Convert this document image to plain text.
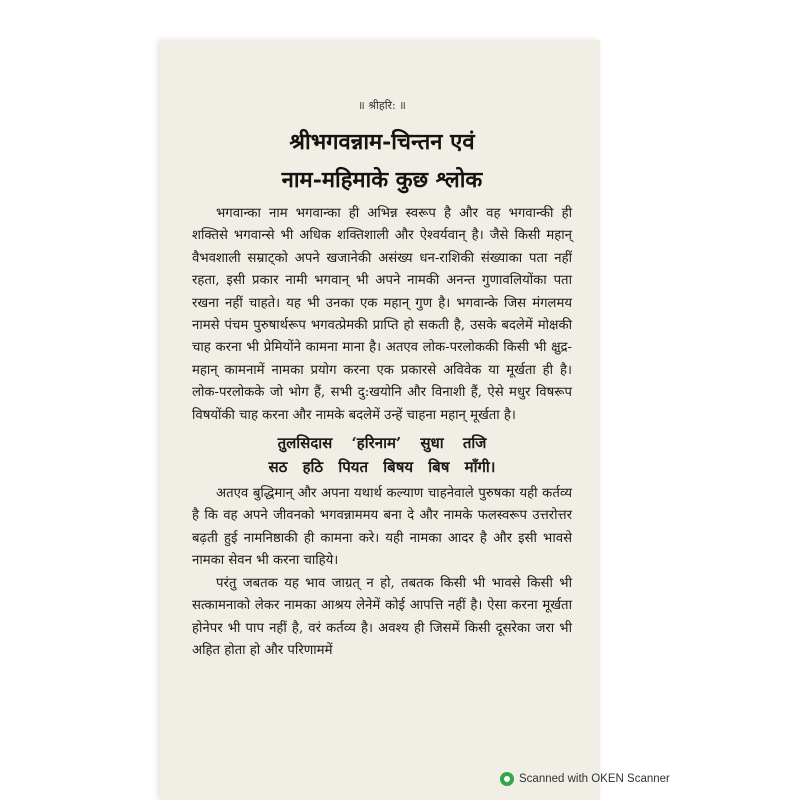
॥ श्रीहरि: ॥
श्रीभगवन्नाम-चिन्तन एवं
नाम-महिमाके कुछ श्लोक

भगवान्का नाम भगवान्का ही अभिन्न स्वरूप है और वह भगवान्की ही शक्तिसे भगवान्से भी अधिक शक्तिशाली और ऐश्वर्यवान् है। जैसे किसी महान् वैभवशाली सम्राट्को अपने खजानेकी असंख्य धन-राशिकी संख्याका पता नहीं रहता, इसी प्रकार नामी भगवान् भी अपने नामकी अनन्त गुणावलियोंका पता रखना नहीं चाहते। यह भी उनका एक महान् गुण है। भगवान्के जिस मंगलमय नामसे पंचम पुरुषार्थरूप भगवत्प्रेमकी प्राप्ति हो सकती है, उसके बदलेमें मोक्षकी चाह करना भी प्रेमियोंने कामना माना है। अतएव लोक-परलोककी किसी भी क्षुद्र-महान् कामनामें नामका प्रयोग करना एक प्रकारसे अविवेक या मूर्खता ही है। लोक-परलोकके जो भोग हैं, सभी दु:खयोनि और विनाशी हैं, ऐसे मधुर विषरूप विषयोंकी चाह करना और नामके बदलेमें उन्हें चाहना महान् मूर्खता है।

तुलसिदास ‘हरिनाम’ सुधा तजि
सठ हठि पियत बिषय बिष माँगी।

अतएव बुद्धिमान् और अपना यथार्थ कल्याण चाहनेवाले पुरुषका यही कर्तव्य है कि वह अपने जीवनको भगवन्नाममय बना दे और नामके फलस्वरूप उत्तरोत्तर बढ़ती हुई नामनिष्ठाकी ही कामना करे। यही नामका आदर है और इसी भावसे नामका सेवन भी करना चाहिये।

परंतु जबतक यह भाव जाग्रत् न हो, तबतक किसी भी भावसे किसी भी सत्कामनाको लेकर नामका आश्रय लेनेमें कोई आपत्ति नहीं है। ऐसा करना मूर्खता होनेपर भी पाप नहीं है, वरं कर्तव्य है। अवश्य ही जिसमें किसी दूसरेका जरा भी अहित होता हो और परिणाममें

Scanned with OKEN Scanner
